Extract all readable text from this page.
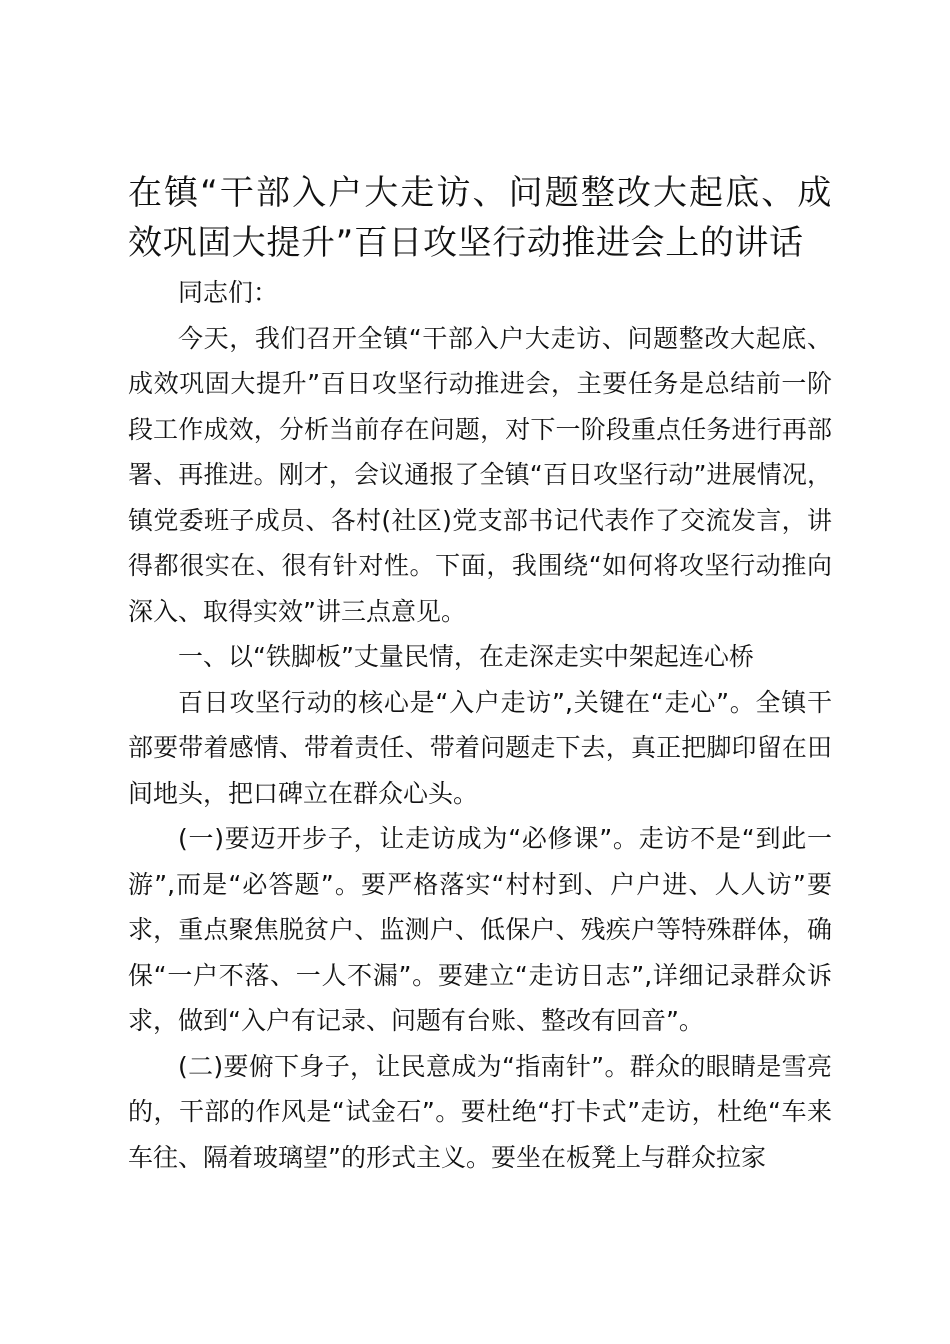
在镇“干部入户大走访、问题整改大起底、成效巩固大提升”百日攻坚行动推进会上的讲话

同志们：

今天，我们召开全镇“干部入户大走访、问题整改大起底、成效巩固大提升”百日攻坚行动推进会，主要任务是总结前一阶段工作成效，分析当前存在问题，对下一阶段重点任务进行再部署、再推进。刚才，会议通报了全镇“百日攻坚行动”进展情况，镇党委班子成员、各村(社区)党支部书记代表作了交流发言，讲得都很实在、很有针对性。下面，我围绕“如何将攻坚行动推向深入、取得实效”讲三点意见。

一、以“铁脚板”丈量民情，在走深走实中架起连心桥

百日攻坚行动的核心是“入户走访”,关键在“走心”。全镇干部要带着感情、带着责任、带着问题走下去，真正把脚印留在田间地头，把口碑立在群众心头。

(一)要迈开步子，让走访成为“必修课”。走访不是“到此一游”,而是“必答题”。要严格落实“村村到、户户进、人人访”要求，重点聚焦脱贫户、监测户、低保户、残疾户等特殊群体，确保“一户不落、一人不漏”。要建立“走访日志”,详细记录群众诉求，做到“入户有记录、问题有台账、整改有回音”。

(二)要俯下身子，让民意成为“指南针”。群众的眼睛是雪亮的，干部的作风是“试金石”。要杜绝“打卡式”走访，杜绝“车来车往、隔着玻璃望”的形式主义。要坐在板凳上与群众拉家
